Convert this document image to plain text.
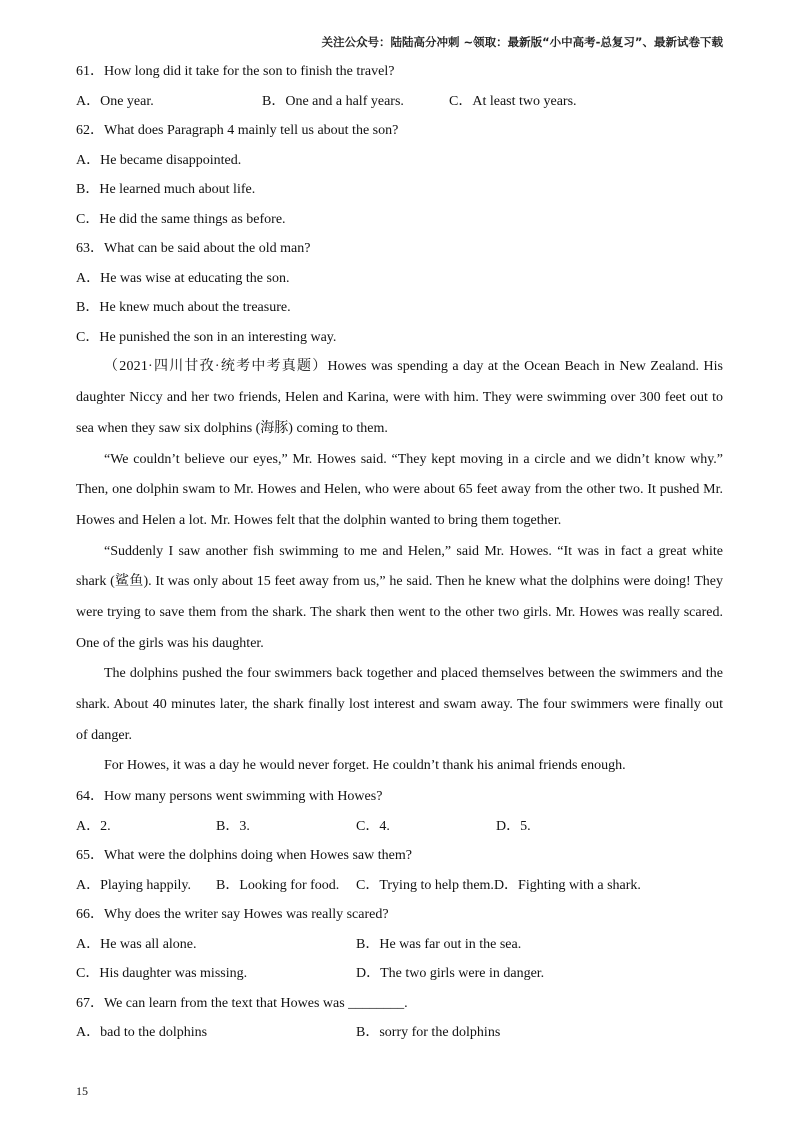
关注公众号：陆陆高分冲刺 ~领取：最新版“小中高考-总复习”、最新试卷下载
61．How long did it take for the son to finish the travel?
A．One year.	B．One and a half years.	C．At least two years.
62．What does Paragraph 4 mainly tell us about the son?
A．He became disappointed.
B．He learned much about life.
C．He did the same things as before.
63．What can be said about the old man?
A．He was wise at educating the son.
B．He knew much about the treasure.
C．He punished the son in an interesting way.
（2021·四川甘孜·统考中考真题）Howes was spending a day at the Ocean Beach in New Zealand. His
daughter Niccy and her two friends, Helen and Karina, were with him. They were swimming over 300 feet out to
sea when they saw six dolphins (海豚) coming to them.
“We couldn’t believe our eyes,” Mr. Howes said. “They kept moving in a circle and we didn’t know why.”
Then, one dolphin swam to Mr. Howes and Helen, who were about 65 feet away from the other two. It pushed Mr.
Howes and Helen a lot. Mr. Howes felt that the dolphin wanted to bring them together.
“Suddenly I saw another fish swimming to me and Helen,” said Mr. Howes. “It was in fact a great white
shark (鲨鱼). It was only about 15 feet away from us,” he said. Then he knew what the dolphins were doing! They
were trying to save them from the shark. The shark then went to the other two girls. Mr. Howes was really scared.
One of the girls was his daughter.
The dolphins pushed the four swimmers back together and placed themselves between the swimmers and the
shark. About 40 minutes later, the shark finally lost interest and swam away. The four swimmers were finally out
of danger.
For Howes, it was a day he would never forget. He couldn’t thank his animal friends enough.
64．How many persons went swimming with Howes?
A．2.	B．3.	C．4.	D．5.
65．What were the dolphins doing when Howes saw them?
A．Playing happily.	B．Looking for food.	C．Trying to help them. D．Fighting with a shark.
66．Why does the writer say Howes was really scared?
A．He was all alone.	B．He was far out in the sea.
C．His daughter was missing.	D．The two girls were in danger.
67．We can learn from the text that Howes was ________.
A．bad to the dolphins	B．sorry for the dolphins
15
